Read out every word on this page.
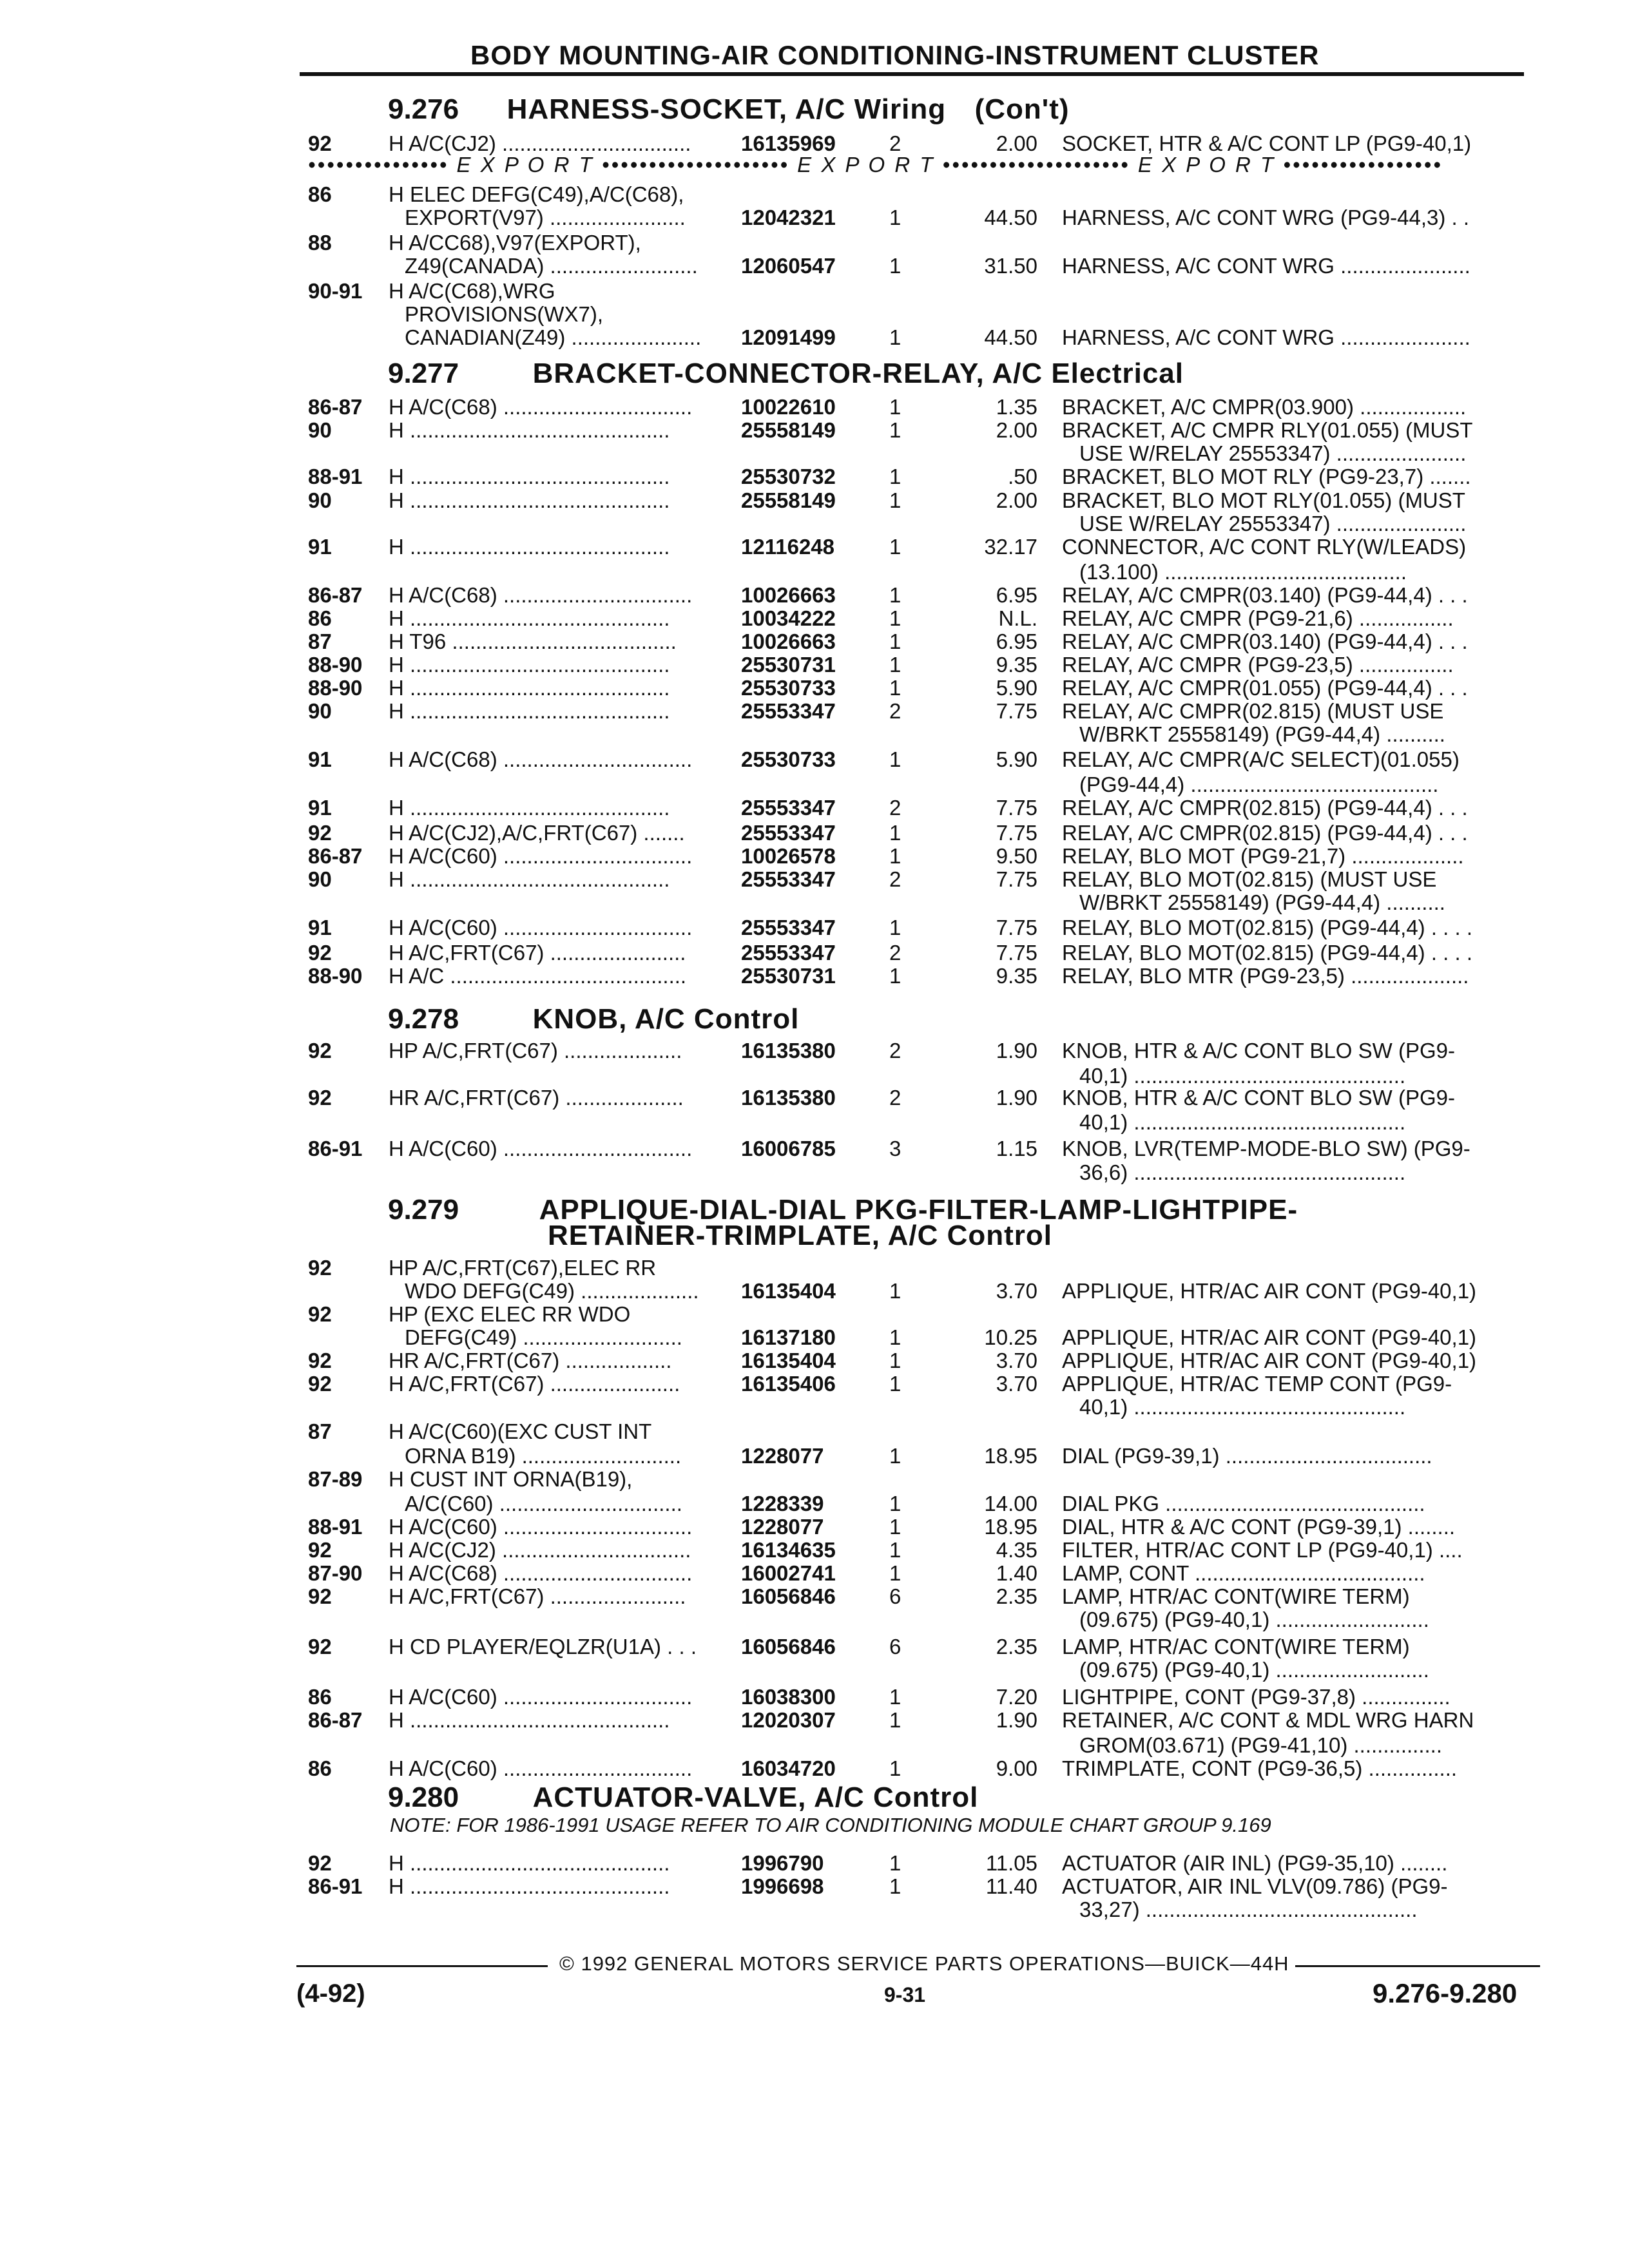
BODY MOUNTING-AIR CONDITIONING-INSTRUMENT CLUSTER
9.276 HARNESS-SOCKET, A/C Wiring (Con't)
••••••••••••••• E X P O R T •••••••••••••••••••• E X P O R T •••••••••••••••••••• E X P O R T •••••••••••••••••
9.277	BRACKET-CONNECTOR-RELAY, A/C Electrical
9.278	KNOB, A/C Control
9.279	APPLIQUE-DIAL-DIAL PKG-FILTER-LAMP-LIGHTPIPE-
RETAINER-TRIMPLATE, A/C Control
9.280	ACTUATOR-VALVE, A/C Control
NOTE: FOR 1986-1991 USAGE REFER TO AIR CONDITIONING MODULE CHART GROUP 9.169
92	H A/C(CJ2) ................................	16135969	2	2.00 SOCKET, HTR & A/C CONT LP (PG9-40,1)
86	H ELEC DEFG(C49),A/C(C68),
EXPORT(V97) .......................	12042321	1	44.50 HARNESS, A/C CONT WRG (PG9-44,3) . .
88	H A/CC68),V97(EXPORT),
Z49(CANADA) .........................	12060547	1	31.50 HARNESS, A/C CONT WRG ......................
90-91 H A/C(C68),WRG
PROVISIONS(WX7),
CANADIAN(Z49) ......................	12091499	1	44.50 HARNESS, A/C CONT WRG ......................
86-87 H A/C(C68) ................................	10022610	1	1.35 BRACKET, A/C CMPR(03.900) ..................
90	H ............................................	25558149	1	2.00 BRACKET, A/C CMPR RLY(01.055) (MUST
USE W/RELAY 25553347) ......................
88-91 H ............................................	25530732	1	.50 BRACKET, BLO MOT RLY (PG9-23,7) .......
90	H ............................................	25558149	1	2.00 BRACKET, BLO MOT RLY(01.055) (MUST
USE W/RELAY 25553347) ......................
91	H ............................................	12116248	1	32.17 CONNECTOR, A/C CONT RLY(W/LEADS)
(13.100) .........................................
86-87 H A/C(C68) ................................	10026663	1	6.95 RELAY, A/C CMPR(03.140) (PG9-44,4) . . .
86	H ............................................	10034222	1	N.L. RELAY, A/C CMPR (PG9-21,6) ................
87	H T96 ......................................	10026663	1	6.95 RELAY, A/C CMPR(03.140) (PG9-44,4) . . .
88-90 H ............................................	25530731	1	9.35 RELAY, A/C CMPR (PG9-23,5) ................
88-90 H ............................................	25530733	1	5.90 RELAY, A/C CMPR(01.055) (PG9-44,4) . . .
90	H ............................................	25553347	2	7.75 RELAY, A/C CMPR(02.815) (MUST USE
W/BRKT 25558149) (PG9-44,4) ..........
91	H A/C(C68) ................................	25530733	1	5.90 RELAY, A/C CMPR(A/C SELECT)(01.055)
(PG9-44,4) ..........................................
91	H ............................................	25553347	2	7.75 RELAY, A/C CMPR(02.815) (PG9-44,4) . . .
92	H A/C(CJ2),A/C,FRT(C67) .......	25553347	1	7.75 RELAY, A/C CMPR(02.815) (PG9-44,4) . . .
86-87 H A/C(C60) ................................	10026578	1	9.50 RELAY, BLO MOT (PG9-21,7) ...................
90	H ............................................	25553347	2	7.75 RELAY, BLO MOT(02.815) (MUST USE
W/BRKT 25558149) (PG9-44,4) ..........
91	H A/C(C60) ................................	25553347	1	7.75 RELAY, BLO MOT(02.815) (PG9-44,4) . . . .
92	H A/C,FRT(C67) .......................	25553347	2	7.75 RELAY, BLO MOT(02.815) (PG9-44,4) . . . .
88-90 H A/C ........................................	25530731	1	9.35 RELAY, BLO MTR (PG9-23,5) ....................
92	HP A/C,FRT(C67) ....................	16135380	2	1.90 KNOB, HTR & A/C CONT BLO SW (PG9-
40,1) ..............................................
92	HR A/C,FRT(C67) ....................	16135380	2	1.90 KNOB, HTR & A/C CONT BLO SW (PG9-
40,1) ..............................................
86-91 H A/C(C60) ................................	16006785	3	1.15 KNOB, LVR(TEMP-MODE-BLO SW) (PG9-
36,6) ..............................................
92	HP A/C,FRT(C67),ELEC RR
WDO DEFG(C49) ....................	16135404	1	3.70 APPLIQUE, HTR/AC AIR CONT (PG9-40,1)
92	HP (EXC ELEC RR WDO
DEFG(C49) ...........................	16137180	1	10.25 APPLIQUE, HTR/AC AIR CONT (PG9-40,1)
92	HR A/C,FRT(C67) ..................	16135404	1	3.70 APPLIQUE, HTR/AC AIR CONT (PG9-40,1)
92	H A/C,FRT(C67) ......................	16135406	1	3.70 APPLIQUE, HTR/AC TEMP CONT (PG9-
40,1) ..............................................
87	H A/C(C60)(EXC CUST INT
ORNA B19) ...........................	1228077	1	18.95 DIAL (PG9-39,1) ...................................
87-89 H CUST INT ORNA(B19),
A/C(C60) ...............................	1228339	1	14.00 DIAL PKG ............................................
88-91 H A/C(C60) ................................	1228077	1	18.95 DIAL, HTR & A/C CONT (PG9-39,1) ........
92	H A/C(CJ2) ................................	16134635	1	4.35 FILTER, HTR/AC CONT LP (PG9-40,1) ....
87-90 H A/C(C68) ................................	16002741	1	1.40 LAMP, CONT .......................................
92	H A/C,FRT(C67) .......................	16056846	6	2.35 LAMP, HTR/AC CONT(WIRE TERM)
(09.675) (PG9-40,1) ..........................
92	H CD PLAYER/EQLZR(U1A) . . .	16056846	6	2.35 LAMP, HTR/AC CONT(WIRE TERM)
(09.675) (PG9-40,1) ..........................
86	H A/C(C60) ................................	16038300	1	7.20 LIGHTPIPE, CONT (PG9-37,8) ...............
86-87 H ............................................	12020307	1	1.90 RETAINER, A/C CONT & MDL WRG HARN
GROM(03.671) (PG9-41,10) ...............
86	H A/C(C60) ................................	16034720	1	9.00 TRIMPLATE, CONT (PG9-36,5) ...............
92	H ............................................	1996790	1	11.05 ACTUATOR (AIR INL) (PG9-35,10) ........
86-91 H ............................................	1996698	1	11.40 ACTUATOR, AIR INL VLV(09.786) (PG9-
33,27) ..............................................
© 1992 GENERAL MOTORS SERVICE PARTS OPERATIONS—BUICK—44H
(4-92)	9-31	9.276-9.280
